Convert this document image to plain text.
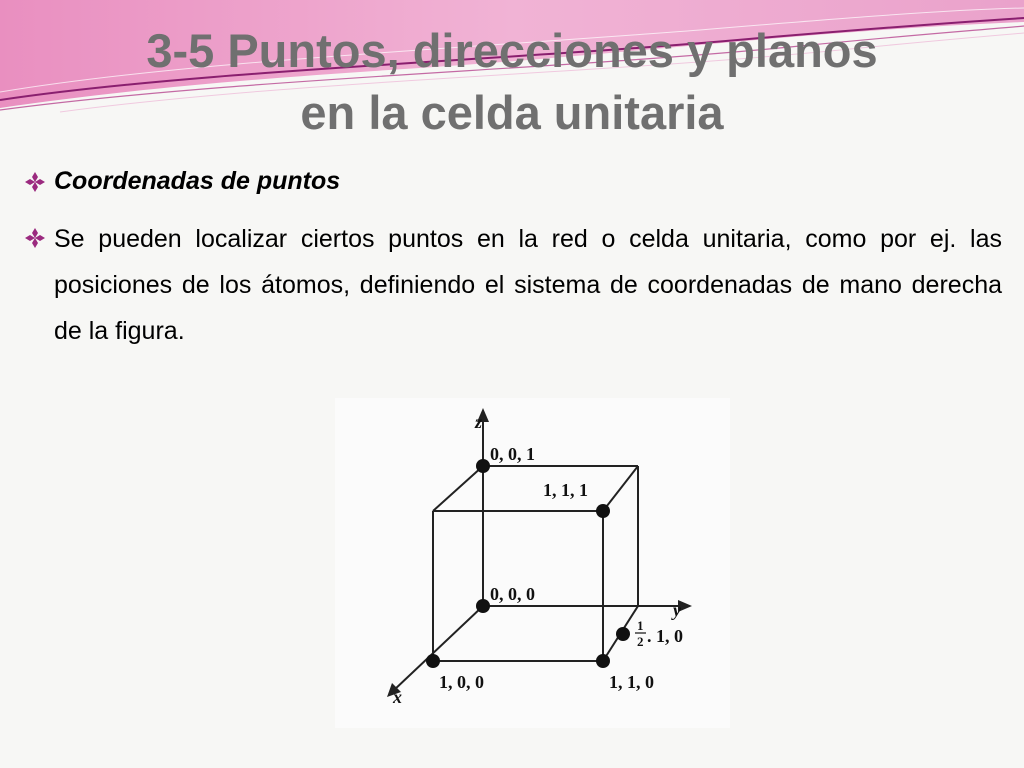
3-5 Puntos, direcciones y planos
en la celda unitaria
Coordenadas de puntos
Se pueden localizar ciertos puntos en la red o celda unitaria, como por ej. las posiciones de los átomos, definiendo el sistema de coordenadas de mano derecha de la figura.
z
y
x
0, 0, 1
1, 1, 1
0, 0, 0
1
2 . 1, 0
1, 0, 0	1, 1, 0
